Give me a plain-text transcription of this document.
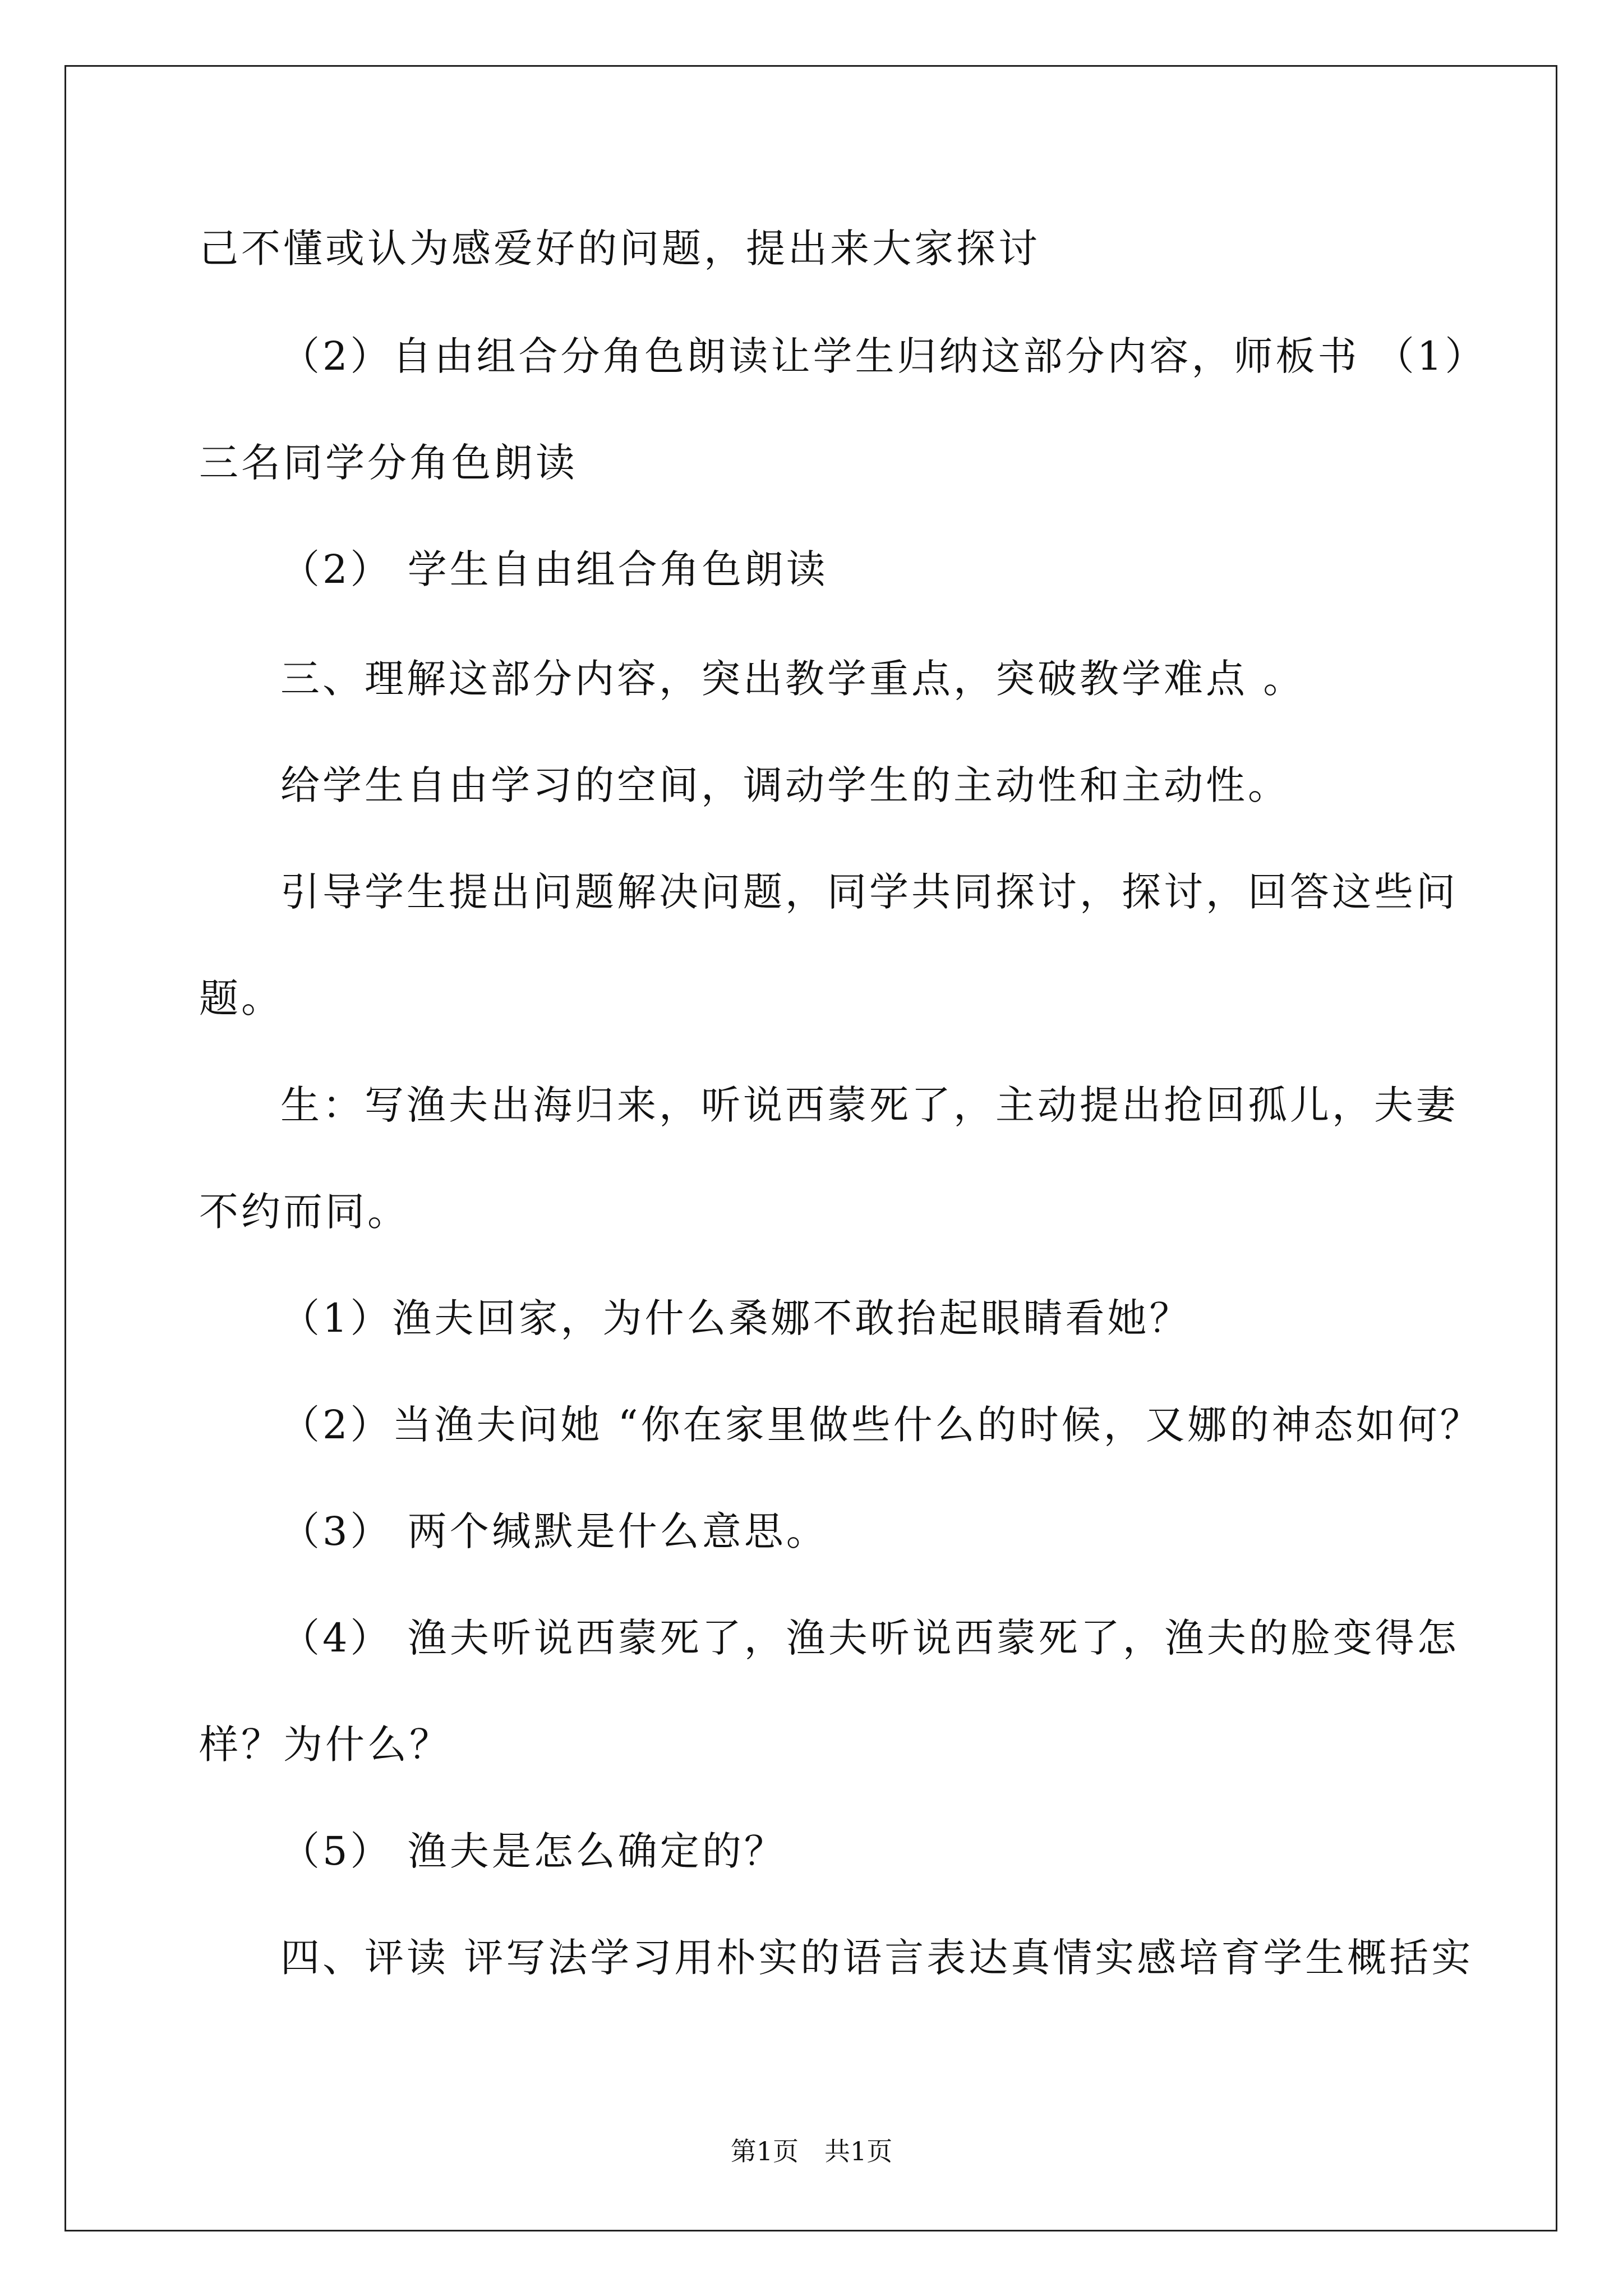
己不懂或认为感爱好的问题，提出来大家探讨
（2）自由组合分角色朗读让学生归纳这部分内容，师板书 （1）
三名同学分角色朗读
（2） 学生自由组合角色朗读
三、理解这部分内容，突出教学重点，突破教学难点 。
给学生自由学习的空间，调动学生的主动性和主动性。
引导学生提出问题解决问题，同学共同探讨，探讨，回答这些问
题。
生：写渔夫出海归来，听说西蒙死了，主动提出抢回孤儿，夫妻
不约而同。
（1）渔夫回家，为什么桑娜不敢抬起眼睛看她？
（2）当渔夫问她 “你在家里做些什么的时候，又娜的神态如何？
（3） 两个缄默是什么意思。
（4） 渔夫听说西蒙死了，渔夫听说西蒙死了，渔夫的脸变得怎
样？为什么？
（5） 渔夫是怎么确定的？
四、评读 评写法学习用朴实的语言表达真情实感培育学生概括实
第1页　共1页
